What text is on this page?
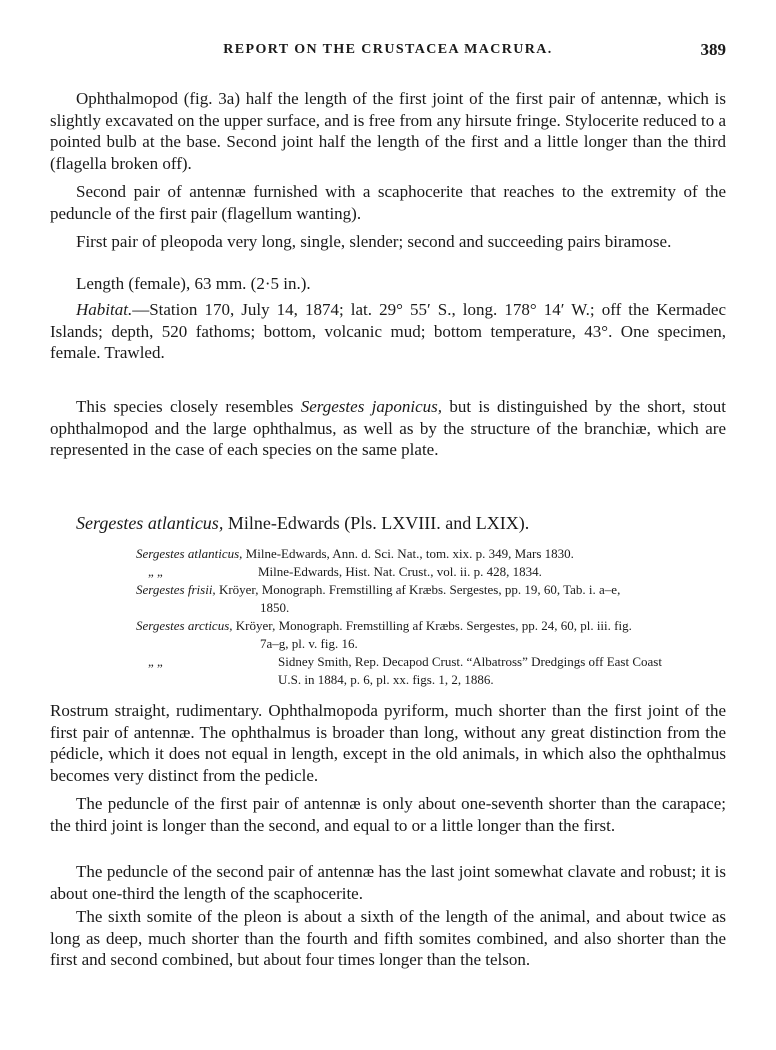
REPORT ON THE CRUSTACEA MACRURA.	389

Ophthalmopod (fig. 3a) half the length of the first joint of the first pair of antennæ, which is slightly excavated on the upper surface, and is free from any hirsute fringe. Stylocerite reduced to a pointed bulb at the base. Second joint half the length of the first and a little longer than the third (flagella broken off).

Second pair of antennæ furnished with a scaphocerite that reaches to the extremity of the peduncle of the first pair (flagellum wanting).

First pair of pleopoda very long, single, slender; second and succeeding pairs biramose.

Length (female), 63 mm. (2·5 in.).

Habitat.—Station 170, July 14, 1874; lat. 29° 55′ S., long. 178° 14′ W.; off the Kermadec Islands; depth, 520 fathoms; bottom, volcanic mud; bottom temperature, 43°. One specimen, female. Trawled.

This species closely resembles Sergestes japonicus, but is distinguished by the short, stout ophthalmopod and the large ophthalmus, as well as by the structure of the branchiæ, which are represented in the case of each species on the same plate.

Sergestes atlanticus, Milne-Edwards (Pls. LXVIII. and LXIX).

Sergestes atlanticus, Milne-Edwards, Ann. d. Sci. Nat., tom. xix. p. 349, Mars 1830.

„ „	Milne-Edwards, Hist. Nat. Crust., vol. ii. p. 428, 1834.

Sergestes frisii, Kröyer, Monograph. Fremstilling af Kræbs. Sergestes, pp. 19, 60, Tab. i. a–e,
1850.

Sergestes arcticus, Kröyer, Monograph. Fremstilling af Kræbs. Sergestes, pp. 24, 60, pl. iii. fig.
7a–g, pl. v. fig. 16.

„ „	Sidney Smith, Rep. Decapod Crust. “Albatross” Dredgings off East Coast
U.S. in 1884, p. 6, pl. xx. figs. 1, 2, 1886.

Rostrum straight, rudimentary. Ophthalmopoda pyriform, much shorter than the first joint of the first pair of antennæ. The ophthalmus is broader than long, without any great distinction from the pédicle, which it does not equal in length, except in the old animals, in which also the ophthalmus becomes very distinct from the pedicle.

The peduncle of the first pair of antennæ is only about one-seventh shorter than the carapace; the third joint is longer than the second, and equal to or a little longer than the first.

The peduncle of the second pair of antennæ has the last joint somewhat clavate and robust; it is about one-third the length of the scaphocerite.

The sixth somite of the pleon is about a sixth of the length of the animal, and about twice as long as deep, much shorter than the fourth and fifth somites combined, and also shorter than the first and second combined, but about four times longer than the telson.
